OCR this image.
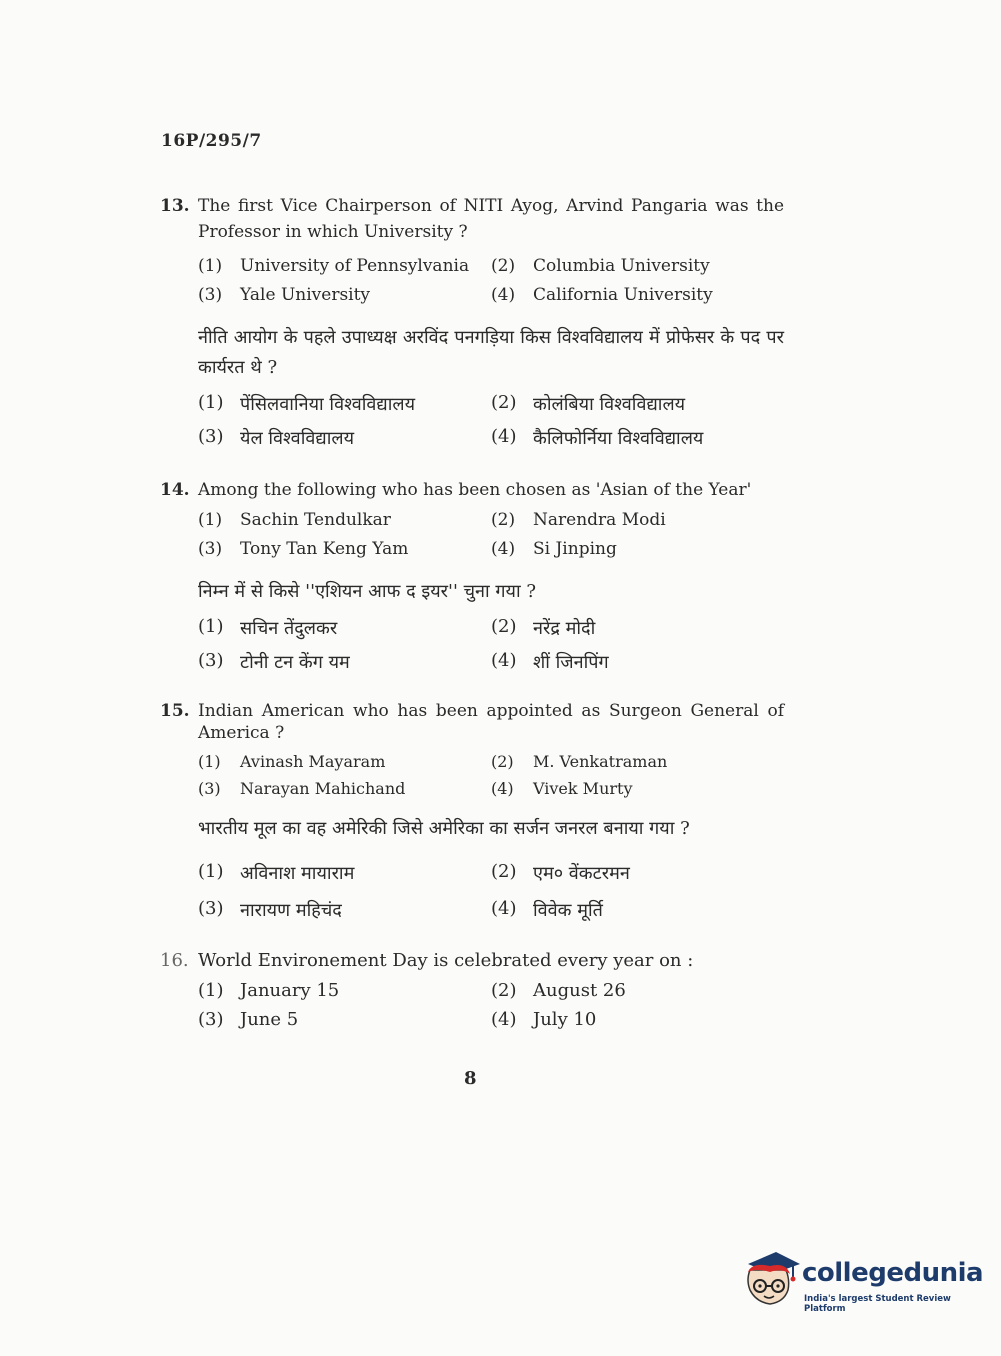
16P/295/7
13. The first Vice Chairperson of NITI Ayog, Arvind Pangaria was the Professor in which University ?
(1)	University of Pennsylvania (2)	Columbia University
(3)	Yale University	(4)	California University
नीति आयोग के पहले उपाध्यक्ष अरविंद पनगड़िया किस विश्वविद्यालय में प्रोफेसर के पद पर कार्यरत थे ?
(1) पेंसिलवानिया विश्वविद्यालय	(2) कोलंबिया विश्वविद्यालय
(3) येल विश्वविद्यालय	(4) कैलिफोर्निया विश्वविद्यालय
14. Among the following who has been chosen as 'Asian of the Year'
(1)	Sachin Tendulkar	(2)	Narendra Modi
(3)	Tony Tan Keng Yam	(4)	Si Jinping
निम्न में से किसे ''एशियन आफ द इयर'' चुना गया ?
(1) सचिन तेंदुलकर	(2) नरेंद्र मोदी
(3) टोनी टन केंग यम	(4) शीं जिनपिंग
15. Indian American who has been appointed as Surgeon General of America ?
(1)	Avinash Mayaram	(2)	M. Venkatraman
(3)	Narayan Mahichand	(4)	Vivek Murty
भारतीय मूल का वह अमेरिकी जिसे अमेरिका का सर्जन जनरल बनाया गया ?
(1) अविनाश मायाराम	(2) एम० वेंकटरमन
(3) नारायण महिचंद	(4) विवेक मूर्ति
16. World Environement Day is celebrated every year on :
(1) January 15	(2) August 26
(3) June 5	(4) July 10
8
collegedunia
India's largest Student Review Platform
